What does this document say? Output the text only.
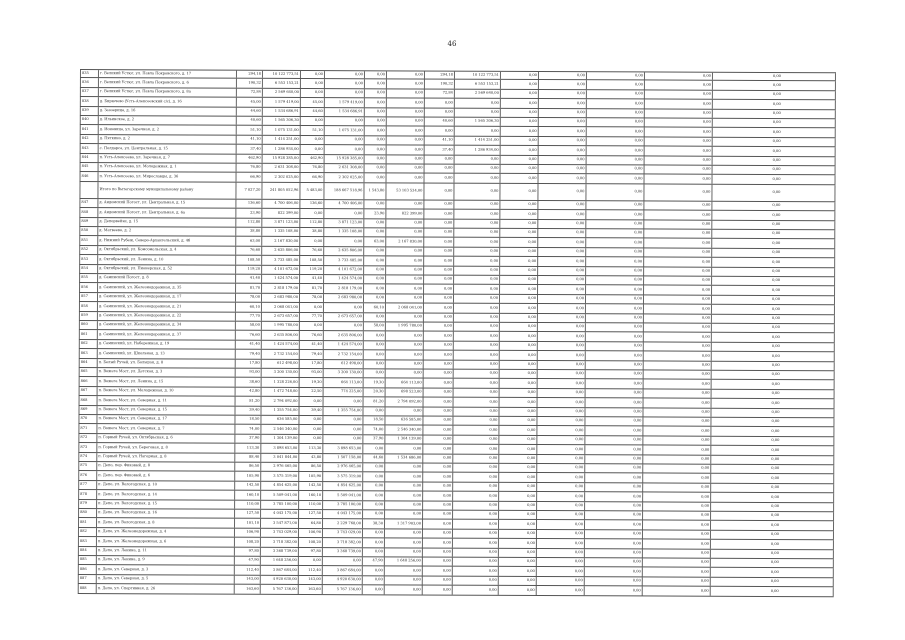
46
835	г. Великий Устюг, ул. Павла Покровского, д. 17	294,18	10 122 773,51	0,00	0,00	0,00	0,00	294,18	10 122 773,51	0,00	0,00	0,00	0,00	0,00
836	г. Великий Устюг, ул. Павла Покровского, д. 6	190,32	6 553 153,21	0,00	0,00	0,00	0,00	190,32	6 553 153,21	0,00	0,00	0,00	0,00	0,00
837	г. Великий Устюг, ул. Павла Покровского, д. 8а	72,84	2 569 640,00	0,00	0,00	0,00	0,00	72,84	2 569 640,00	0,00	0,00	0,00	0,00	0,00
838	д. Бирючево (Усть-Алексеевский с/с), д. 16	45,00	1 579 419,00	45,00	1 579 419,00	0,00	0,00	0,00	0,00	0,00	0,00	0,00	0,00	0,00
839	д. Заозерица, д. 16	44,60	1 534 686,91	44,60	1 534 686,91	0,00	0,00	0,00	0,00	0,00	0,00	0,00	0,00	0,00
840	д. Ильинское, д. 2	40,60	1 565 306,30	0,00	0,00	0,00	0,00	40,60	1 565 306,30	0,00	0,00	0,00	0,00	0,00
841	д. Ионовица, ул. Заречная, д. 2	51,10	1 075 131,00	51,10	1 075 131,00	0,00	0,00	0,00	0,00	0,00	0,00	0,00	0,00	0,00
842	д. Пяткино, д. 2	41,10	1 414 251,00	0,00	0,00	0,00	0,00	41,10	1 414 251,00	0,00	0,00	0,00	0,00	0,00
843	с. Полдарса, ул. Центральная, д. 15	37,40	1 286 934,00	0,00	0,00	0,00	0,00	37,40	1 286 934,00	0,00	0,00	0,00	0,00	0,00
844	п. Усть-Алексеево, ул. Заречная, д. 7	462,90	15 928 385,00	462,90	15 928 385,00	0,00	0,00	0,00	0,00	0,00	0,00	0,00	0,00	0,00
845	п. Усть-Алексеево, ул. Молодежная, д. 1	76,80	2 631 308,00	76,80	2 631 308,00	0,00	0,00	0,00	0,00	0,00	0,00	0,00	0,00	0,00
846	п. Усть-Алексеево, ул. Мирославцы, д. 36	66,90	2 302 025,00	66,90	2 302 025,00	0,00	0,00	0,00	0,00	0,00	0,00	0,00	0,00	0,00
Итого по Вытегорскому муниципальному району	7 027,20	241 805 052,96	5 483,00	188 667 518,96	1 543,80	53 103 534,00	0,00	0,00	0,00	0,00	0,00	0,00	0,00
847	д. Андомский Погост, ул. Центральная, д. 15	136,60	4 700 406,00	136,60	4 700 406,00	0,00	0,00	0,00	0,00	0,00	0,00	0,00	0,00	0,00
848	д. Андомский Погост, ул. Центральная, д. 6а	23,90	822 399,00	0,00	0,00	23,90	822 399,00	0,00	0,00	0,00	0,00	0,00	0,00	0,00
849	д. Депорвейзи, д. 15	112,80	3 871 123,00	112,80	3 871 123,00	0,00	0,00	0,00	0,00	0,00	0,00	0,00	0,00	0,00
850	д. Матвеево, д. 2	38,80	1 335 108,00	38,80	1 335 108,00	0,00	0,00	0,00	0,00	0,00	0,00	0,00	0,00	0,00
851	д. Нижний Рубеж, Северо-Архангельский, д. 4б	63,00	2 167 830,00	0,00	0,00	63,00	2 167 830,00	0,00	0,00	0,00	0,00	0,00	0,00	0,00
852	д. Октябрьский, ул. Комсомольская, д. 4	76,60	2 635 806,00	76,60	2 635 806,00	0,00	0,00	0,00	0,00	0,00	0,00	0,00	0,00	0,00
853	д. Октябрьский, ул. Ленина, д. 10	108,50	3 733 485,00	108,50	3 733 485,00	0,00	0,00	0,00	0,00	0,00	0,00	0,00	0,00	0,00
854	д. Октябрьский, ул. Пионерская, д. 52	119,20	4 101 672,00	119,20	4 101 672,00	0,00	0,00	0,00	0,00	0,00	0,00	0,00	0,00	0,00
855	д. Саминский Погост, д. 8	41,40	1 424 574,00	41,40	1 424 574,00	0,00	0,00	0,00	0,00	0,00	0,00	0,00	0,00	0,00
856	д. Саминский, ул. Железнодорожная, д. 35	81,70	2 818 179,00	81,70	2 818 179,00	0,00	0,00	0,00	0,00	0,00	0,00	0,00	0,00	0,00
857	д. Саминский, ул. Железнодорожная, д. 17	78,00	2 683 980,00	78,00	2 683 980,00	0,00	0,00	0,00	0,00	0,00	0,00	0,00	0,00	0,00
858	д. Саминский, ул. Железнодорожная, д. 21	60,10	2 068 041,00	0,00	0,00	60,10	2 068 041,00	0,00	0,00	0,00	0,00	0,00	0,00	0,00
859	д. Саминский, ул. Железнодорожная, д. 22	77,70	2 673 657,00	77,70	2 673 657,00	0,00	0,00	0,00	0,00	0,00	0,00	0,00	0,00	0,00
860	д. Саминский, ул. Железнодорожная, д. 34	58,00	1 995 780,00	0,00	0,00	58,00	1 995 780,00	0,00	0,00	0,00	0,00	0,00	0,00	0,00
861	д. Саминский, ул. Железнодорожная, д. 37	76,60	2 635 806,00	76,60	2 635 806,00	0,00	0,00	0,00	0,00	0,00	0,00	0,00	0,00	0,00
862	д. Саминский, ул. Набережная, д. 19	41,40	1 424 574,00	41,40	1 424 574,00	0,00	0,00	0,00	0,00	0,00	0,00	0,00	0,00	0,00
863	д. Саминский, ул. Школьная, д. 13	79,40	2 732 154,00	79,40	2 732 154,00	0,00	0,00	0,00	0,00	0,00	0,00	0,00	0,00	0,00
864	п. Белый Ручей, ул. Большая, д. 8	17,80	612 498,00	17,80	612 498,00	0,00	0,00	0,00	0,00	0,00	0,00	0,00	0,00	0,00
865	п. Вожега Мост, ул. Детская, д. 3	93,00	3 200 130,00	93,00	3 200 130,00	0,00	0,00	0,00	0,00	0,00	0,00	0,00	0,00	0,00
866	п. Вожега Мост, ул. Ленина, д. 15	38,60	1 328 226,00	19,30	664 113,00	19,30	664 113,00	0,00	0,00	0,00	0,00	0,00	0,00	0,00
867	п. Вожега Мост, ул. Молодежная, д. 10	42,80	1 472 748,00	22,50	774 225,00	20,30	698 523,00	0,00	0,00	0,00	0,00	0,00	0,00	0,00
868	п. Вожега Мост, ул. Северная, д. 11	81,20	2 794 092,00	0,00	0,00	81,20	2 794 092,00	0,00	0,00	0,00	0,00	0,00	0,00	0,00
869	п. Вожега Мост, ул. Северная, д. 15	39,40	1 355 754,00	39,40	1 355 754,00	0,00	0,00	0,00	0,00	0,00	0,00	0,00	0,00	0,00
870	п. Вожега Мост, ул. Северная, д. 17	18,50	636 585,00	0,00	0,00	18,50	636 585,00	0,00	0,00	0,00	0,00	0,00	0,00	0,00
871	п. Вожега Мост, ул. Северная, д. 7	74,00	2 546 340,00	0,00	0,00	74,00	2 546 340,00	0,00	0,00	0,00	0,00	0,00	0,00	0,00
872	п. Горный Ручей, ул. Октябрьская, д. 6	37,90	1 304 139,00	0,00	0,00	37,90	1 304 139,00	0,00	0,00	0,00	0,00	0,00	0,00	0,00
873	п. Горный Ручей, ул. Береговая, д. 8	113,30	3 898 653,00	113,30	3 898 653,00	0,00	0,00	0,00	0,00	0,00	0,00	0,00	0,00	0,00
874	п. Горный Ручей, ул. Нагорная, д. 8	88,40	3 041 844,00	43,80	1 507 158,00	44,60	1 534 686,00	0,00	0,00	0,00	0,00	0,00	0,00	0,00
875	п. Депо, пер. Фиковый, д. 8	86,50	2 976 465,00	86,50	2 976 465,00	0,00	0,00	0,00	0,00	0,00	0,00	0,00	0,00	0,00
876	п. Депо, пер. Фиковый, д. 6	105,90	3 575 319,00	105,90	3 575 319,00	0,00	0,00	0,00	0,00	0,00	0,00	0,00	0,00	0,00
877	п. Депо, ул. Вологодская, д. 10	142,50	4 854 625,00	142,50	4 854 625,00	0,00	0,00	0,00	0,00	0,00	0,00	0,00	0,00	0,00
878	п. Депо, ул. Вологодская, д. 14	160,10	5 509 041,00	160,10	5 509 041,00	0,00	0,00	0,00	0,00	0,00	0,00	0,00	0,00	0,00
879	п. Депо, ул. Вологодская, д. 15	110,00	3 785 100,00	110,00	3 785 100,00	0,00	0,00	0,00	0,00	0,00	0,00	0,00	0,00	0,00
880	п. Депо, ул. Вологодская, д. 16	127,50	4 043 175,00	127,50	4 043 175,00	0,00	0,00	0,00	0,00	0,00	0,00	0,00	0,00	0,00
881	п. Депо, ул. Вологодская, д. 8	101,10	3 547 871,00	64,80	2 229 768,00	38,30	1 317 903,00	0,00	0,00	0,00	0,00	0,00	0,00	0,00
882	п. Депо, ул. Железнодорожная, д. 4	106,90	3 743 029,00	106,90	3 743 029,00	0,00	0,00	0,00	0,00	0,00	0,00	0,00	0,00	0,00
883	п. Депо, ул. Железнодорожная, д. 6	108,20	3 718 382,00	108,20	3 718 382,00	0,00	0,00	0,00	0,00	0,00	0,00	0,00	0,00	0,00
884	п. Депо, ул. Ленина, д. 11	97,80	3 368 739,00	97,80	3 368 739,00	0,00	0,00	0,00	0,00	0,00	0,00	0,00	0,00	0,00
885	п. Депо, ул. Ленина, д. 9	47,90	1 648 256,00	0,00	0,00	47,90	1 648 256,00	0,00	0,00	0,00	0,00	0,00	0,00	0,00
886	п. Депо, ул. Северная, д. 3	112,40	3 867 684,00	112,40	3 867 684,00	0,00	0,00	0,00	0,00	0,00	0,00	0,00	0,00	0,00
887	п. Депо, ул. Северная, д. 5	143,00	4 920 630,00	143,00	4 920 630,00	0,00	0,00	0,00	0,00	0,00	0,00	0,00	0,00	0,00
888	п. Депо, ул. Спортивная, д. 26	163,60	5 767 136,00	163,60	5 767 136,00	0,00	0,00	0,00	0,00	0,00	0,00	0,00	0,00	0,00
